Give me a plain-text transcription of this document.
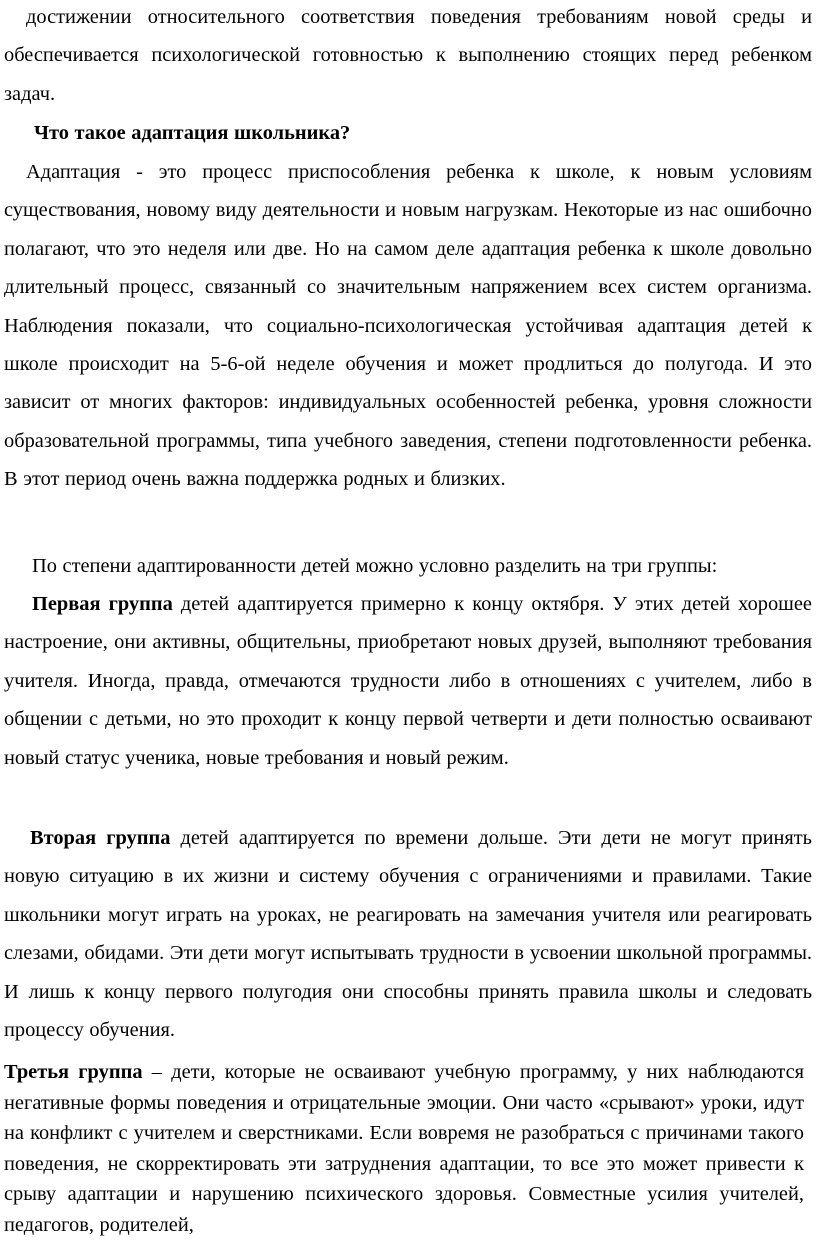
достижении относительного соответствия поведения требованиям новой среды и обеспечивается психологической готовностью к выполнению стоящих перед ребенком задач.

Что такое адаптация школьника?

Адаптация - это процесс приспособления ребенка к школе, к новым условиям существования, новому виду деятельности и новым нагрузкам. Некоторые из нас ошибочно полагают, что это неделя или две. Но на самом деле адаптация ребенка к школе довольно длительный процесс, связанный со значительным напряжением всех систем организма. Наблюдения показали, что социально-психологическая устойчивая адаптация детей к школе происходит на 5-6-ой неделе обучения и может продлиться до полугода. И это зависит от многих факторов: индивидуальных особенностей ребенка, уровня сложности образовательной программы, типа учебного заведения, степени подготовленности ребенка. В этот период очень важна поддержка родных и близких.

По степени адаптированности детей можно условно разделить на три группы:

Первая группа детей адаптируется примерно к концу октября. У этих детей хорошее настроение, они активны, общительны, приобретают новых друзей, выполняют требования учителя. Иногда, правда, отмечаются трудности либо в отношениях с учителем, либо в общении с детьми, но это проходит к концу первой четверти и дети полностью осваивают новый статус ученика, новые требования и новый режим.

Вторая группа детей адаптируется по времени дольше. Эти дети не могут принять новую ситуацию в их жизни и систему обучения с ограничениями и правилами. Такие школьники могут играть на уроках, не реагировать на замечания учителя или реагировать слезами, обидами. Эти дети могут испытывать трудности в усвоении школьной программы. И лишь к концу первого полугодия они способны принять правила школы и следовать процессу обучения.

Третья группа – дети, которые не осваивают учебную программу, у них наблюдаются негативные формы поведения и отрицательные эмоции. Они часто «срывают» уроки, идут на конфликт с учителем и сверстниками. Если вовремя не разобраться с причинами такого поведения, не скорректировать эти затруднения адаптации, то все это может привести к срыву адаптации и нарушению психического здоровья. Совместные усилия учителей, педагогов, родителей,
